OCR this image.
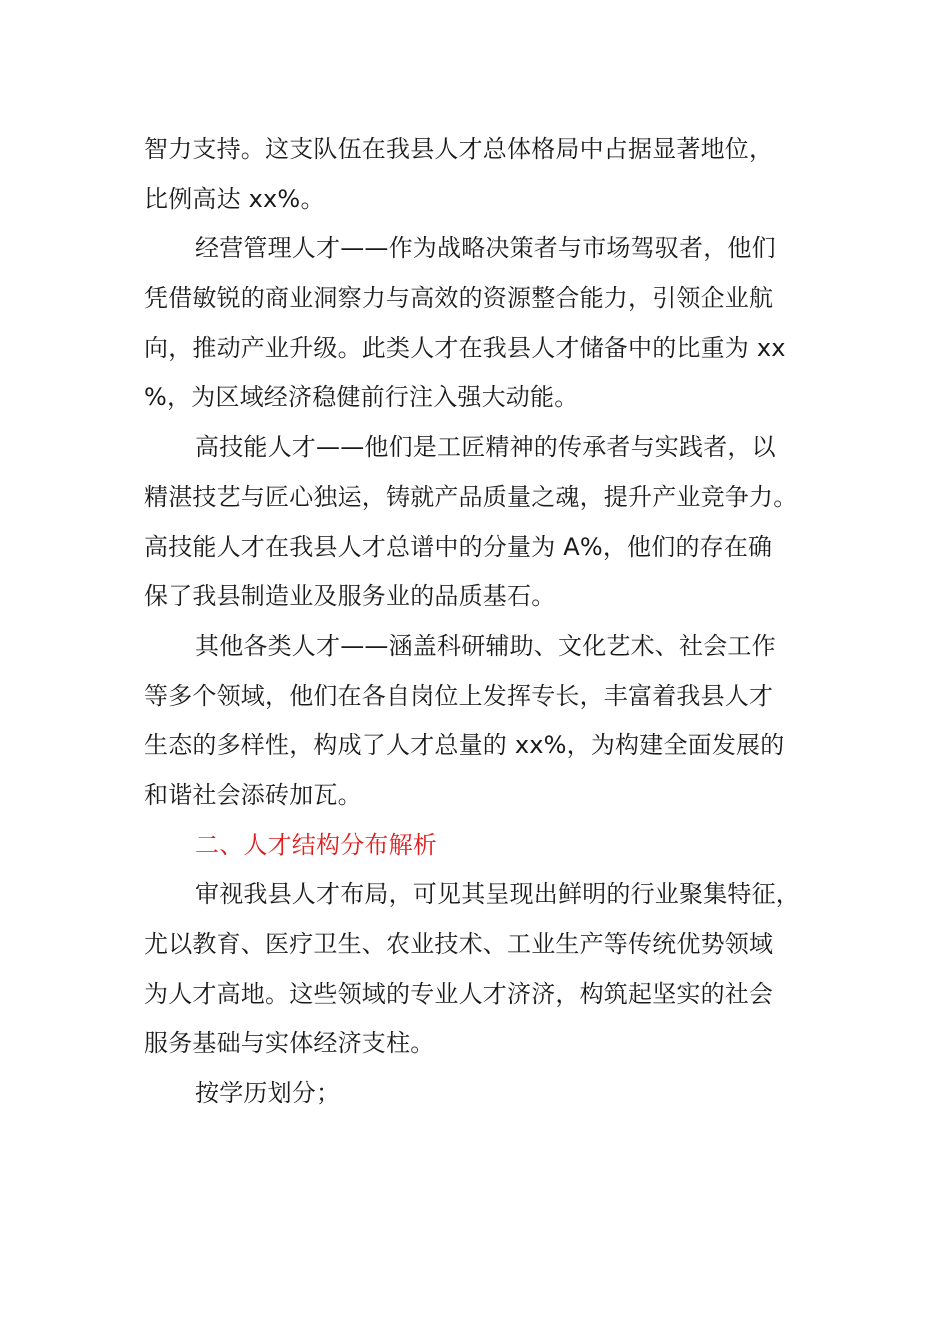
智力支持。这支队伍在我县人才总体格局中占据显著地位，
比例高达 xx%。
经营管理人才——作为战略决策者与市场驾驭者，他们
凭借敏锐的商业洞察力与高效的资源整合能力，引领企业航
向，推动产业升级。此类人才在我县人才储备中的比重为 xx
%，为区域经济稳健前行注入强大动能。
高技能人才——他们是工匠精神的传承者与实践者，以
精湛技艺与匠心独运，铸就产品质量之魂，提升产业竞争力。
高技能人才在我县人才总谱中的分量为 A%，他们的存在确
保了我县制造业及服务业的品质基石。
其他各类人才——涵盖科研辅助、文化艺术、社会工作
等多个领域，他们在各自岗位上发挥专长，丰富着我县人才
生态的多样性，构成了人才总量的 xx%，为构建全面发展的
和谐社会添砖加瓦。
二、人才结构分布解析
审视我县人才布局，可见其呈现出鲜明的行业聚集特征，
尤以教育、医疗卫生、农业技术、工业生产等传统优势领域
为人才高地。这些领域的专业人才济济，构筑起坚实的社会
服务基础与实体经济支柱。
按学历划分；
